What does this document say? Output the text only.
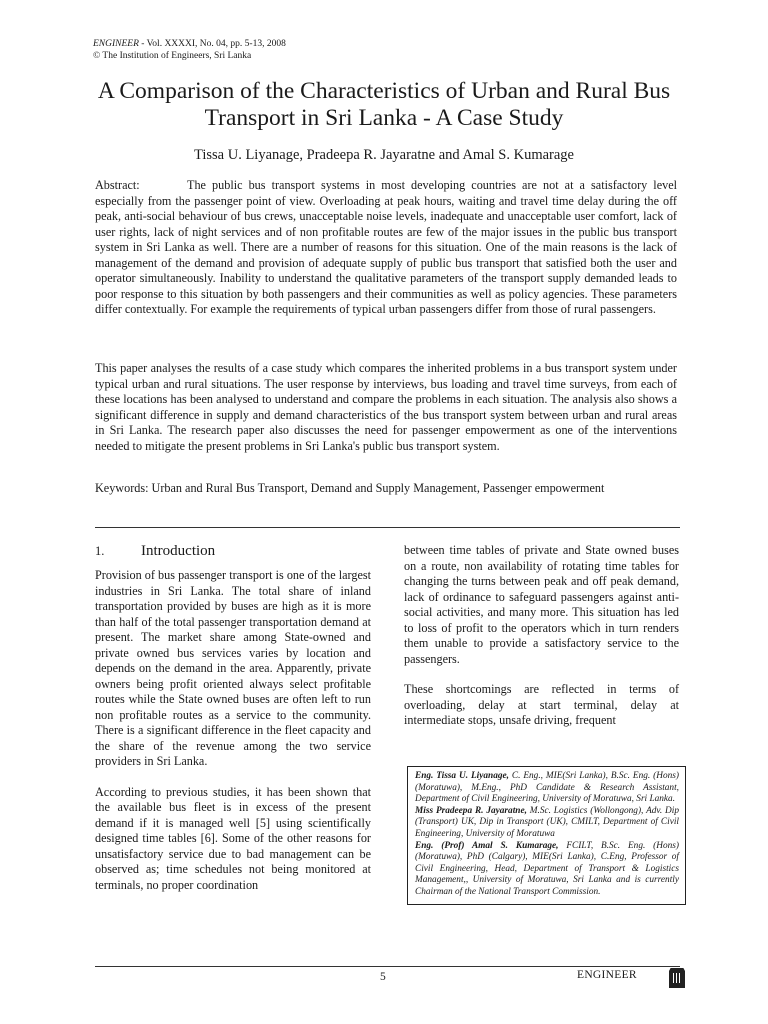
ENGINEER - Vol. XXXXI, No. 04, pp. 5-13, 2008
© The Institution of Engineers, Sri Lanka
A Comparison of the Characteristics of Urban and Rural Bus Transport in Sri Lanka - A Case Study
Tissa U. Liyanage, Pradeepa R. Jayaratne and Amal S. Kumarage

Abstract:	The public bus transport systems in most developing countries are not at a satisfactory level especially from the passenger point of view. Overloading at peak hours, waiting and travel time delay during the off peak, anti-social behaviour of bus crews, unacceptable noise levels, inadequate and unacceptable user comfort, lack of user rights, lack of night services and of non profitable routes are few of the major issues in the public bus transport system in Sri Lanka as well. There are a number of reasons for this situation. One of the main reasons is the lack of management of the demand and provision of adequate supply of public bus transport that satisfied both the user and operator simultaneously. Inability to understand the qualitative parameters of the transport supply demanded leads to poor response to this situation by both passengers and their communities as well as policy agencies. These parameters differ contextually. For example the requirements of typical urban passengers differ from those of rural passengers.

This paper analyses the results of a case study which compares the inherited problems in a bus transport system under typical urban and rural situations. The user response by interviews, bus loading and travel time surveys, from each of these locations has been analysed to understand and compare the problems in each situation. The analysis also shows a significant difference in supply and demand characteristics of the bus transport system between urban and rural areas in Sri Lanka. The research paper also discusses the need for passenger empowerment as one of the interventions needed to mitigate the present problems in Sri Lanka's public bus transport system.

Keywords: Urban and Rural Bus Transport, Demand and Supply Management, Passenger empowerment

1. Introduction

Provision of bus passenger transport is one of the largest industries in Sri Lanka. The total share of inland transportation provided by buses are high as it is more than half of the total passenger transportation demand at present. The market share among State-owned and private owned bus services varies by location and depends on the demand in the area. Apparently, private owners being profit oriented always select profitable routes while the State owned buses are often left to run non profitable routes as a service to the community. There is a significant difference in the fleet capacity and the share of the revenue among the two service providers in Sri Lanka.

According to previous studies, it has been shown that the available bus fleet is in excess of the present demand if it is managed well [5] using scientifically designed time tables [6]. Some of the other reasons for unsatisfactory service due to bad management can be observed as; time schedules not being monitored at terminals, no proper coordination

between time tables of private and State owned buses on a route, non availability of rotating time tables for changing the turns between peak and off peak demand, lack of ordinance to safeguard passengers against anti-social activities, and many more. This situation has led to loss of profit to the operators which in turn renders them unable to provide a satisfactory service to the passengers.

These shortcomings are reflected in terms of overloading, delay at start terminal, delay at intermediate stops, unsafe driving, frequent

Eng. Tissa U. Liyanage, C. Eng., MIE(Sri Lanka), B.Sc. Eng. (Hons) (Moratuwa), M.Eng., PhD Candidate & Research Assistant, Department of Civil Engineering, University of Moratuwa, Sri Lanka.

Miss Pradeepa R. Jayaratne, M.Sc. Logistics (Wollongong), Adv. Dip (Transport) UK, Dip in Transport (UK), CMILT, Department of Civil Engineering, University of Moratuwa

Eng. (Prof) Amal S. Kumarage, FCILT, B.Sc. Eng. (Hons) (Moratuwa), PhD (Calgary), MIE(Sri Lanka), C.Eng, Professor of Civil Engineering, Head, Department of Transport & Logistics Management,, University of Moratuwa, Sri Lanka and is currently Chairman of the National Transport Commission.

5	ENGINEER
